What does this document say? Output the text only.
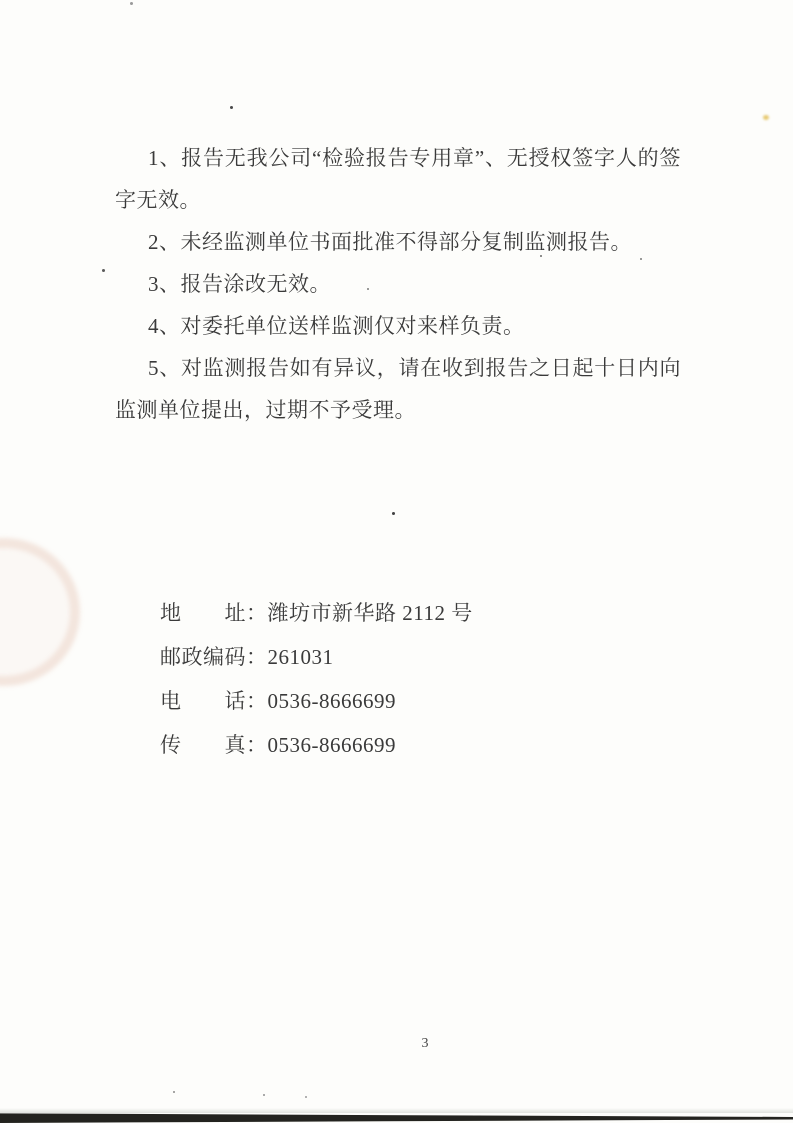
1、报告无我公司“检验报告专用章”、无授权签字人的签字无效。

2、未经监测单位书面批准不得部分复制监测报告。

3、报告涂改无效。

4、对委托单位送样监测仅对来样负责。

5、对监测报告如有异议，请在收到报告之日起十日内向监测单位提出，过期不予受理。

地　　址：潍坊市新华路 2112 号

邮政编码：261031

电　　话：0536-8666699

传　　真：0536-8666699

3
